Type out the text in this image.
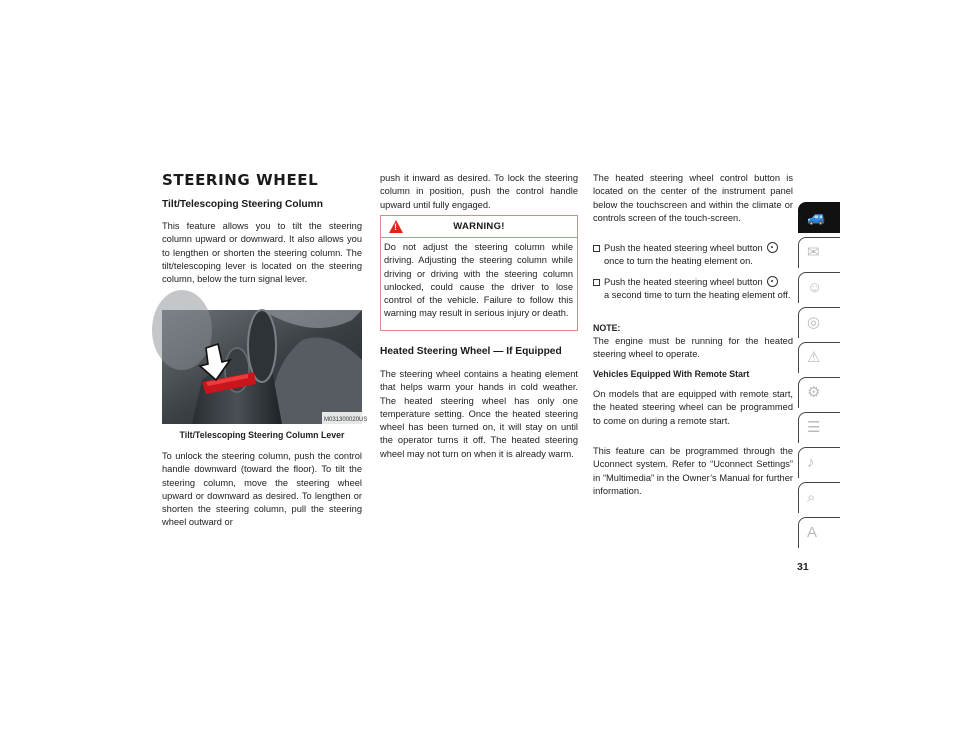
STEERING WHEEL
Tilt/Telescoping Steering Column

This feature allows you to tilt the steering column upward or downward. It also allows you to lengthen or shorten the steering column. The tilt/telescoping lever is located on the steering column, below the turn signal lever.

M031300020US
Tilt/Telescoping Steering Column Lever

To unlock the steering column, push the control handle downward (toward the floor). To tilt the steering column, move the steering wheel upward or downward as desired. To lengthen or shorten the steering column, pull the steering wheel outward or

push it inward as desired. To lock the steering column in position, push the control handle upward until fully engaged.

!	WARNING!

Do not adjust the steering column while driving. Adjusting the steering column while driving or driving with the steering column unlocked, could cause the driver to lose control of the vehicle. Failure to follow this warning may result in serious injury or death.

Heated Steering Wheel — If Equipped

The steering wheel contains a heating element that helps warm your hands in cold weather. The heated steering wheel has only one temperature setting. Once the heated steering wheel has been turned on, it will stay on until the operator turns it off. The heated steering wheel may not turn on when it is already warm.

The heated steering wheel control button is located on the center of the instrument panel below the touchscreen and within the climate or controls screen of the touch-screen.

Push the heated steering wheel button
once to turn the heating element on.
Push the heated steering wheel button
a second time to turn the heating element off.
NOTE:

The engine must be running for the heated steering wheel to operate.

Vehicles Equipped With Remote Start

On models that are equipped with remote start, the heated steering wheel can be programmed to come on during a remote start.

This feature can be programmed through the Uconnect system. Refer to “Uconnect Settings” in “Multimedia” in the Owner’s Manual for further information.

🚙
✉
☺
◎
⚠
⚙
☰
♪
⌕
A
31
